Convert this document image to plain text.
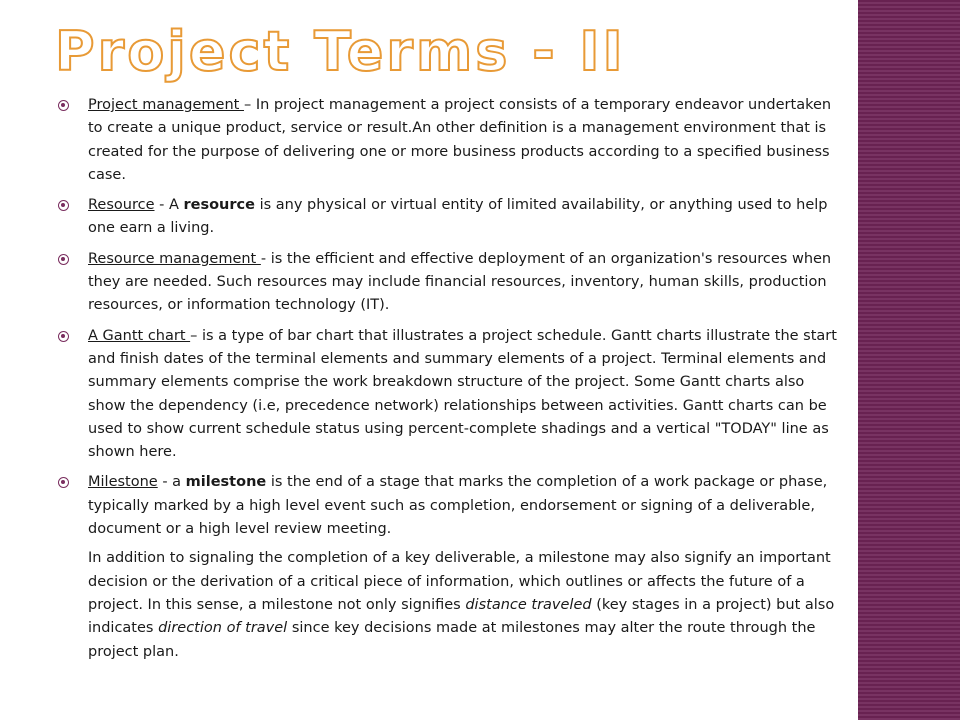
Project Terms - II
Project management – In project management a project consists of a temporary endeavor undertaken to create a unique product, service or result.An other definition is a management environment that is created for the purpose of delivering one or more business products according to a specified business case.
Resource - A resource is any physical or virtual entity of limited availability, or anything used to help one earn a living.
Resource management - is the efficient and effective deployment of an organization's resources when they are needed. Such resources may include financial resources, inventory, human skills, production resources, or information technology (IT).
A Gantt chart – is a type of bar chart that illustrates a project schedule. Gantt charts illustrate the start and finish dates of the terminal elements and summary elements of a project. Terminal elements and summary elements comprise the work breakdown structure of the project. Some Gantt charts also show the dependency (i.e, precedence network) relationships between activities. Gantt charts can be used to show current schedule status using percent-complete shadings and a vertical "TODAY" line as shown here.
Milestone - a milestone is the end of a stage that marks the completion of a work package or phase, typically marked by a high level event such as completion, endorsement or signing of a deliverable, document or a high level review meeting.
In addition to signaling the completion of a key deliverable, a milestone may also signify an important decision or the derivation of a critical piece of information, which outlines or affects the future of a project. In this sense, a milestone not only signifies distance traveled (key stages in a project) but also indicates direction of travel since key decisions made at milestones may alter the route through the project plan.
